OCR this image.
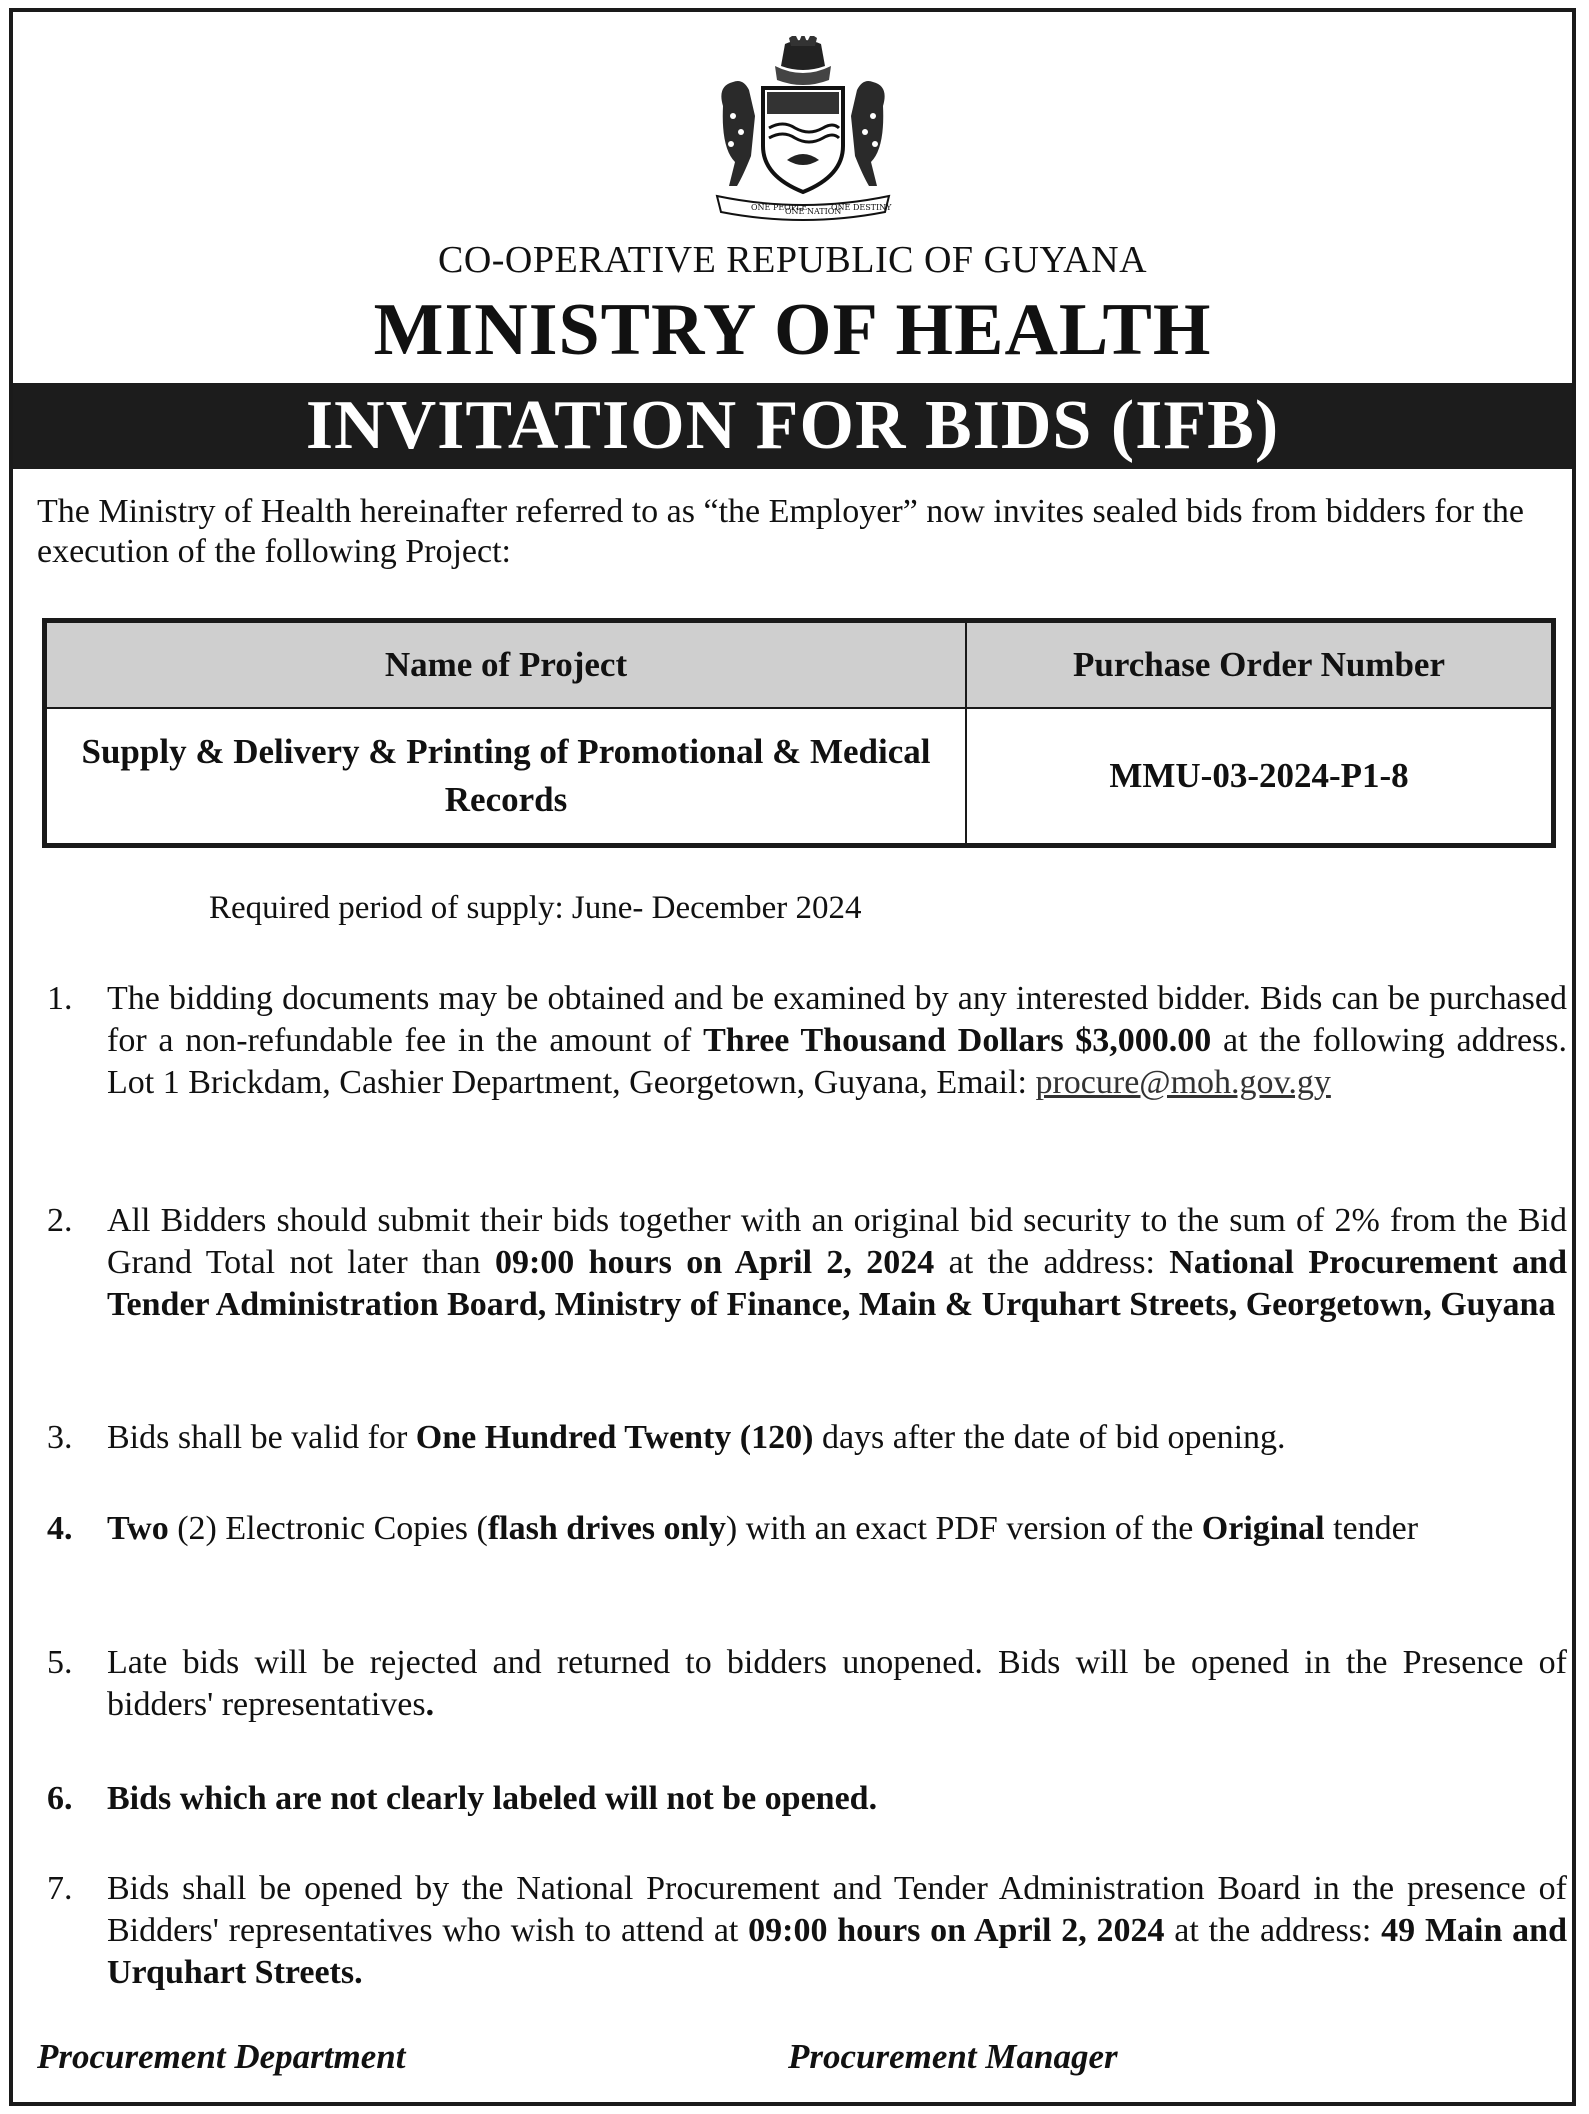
ONE PEOPLE
ONE NATION
ONE DESTINY
CO-OPERATIVE REPUBLIC OF GUYANA
MINISTRY OF HEALTH
INVITATION FOR BIDS (IFB)
The Ministry of Health hereinafter referred to as “the Employer” now invites sealed bids from bidders for the execution of the following Project:
Name of Project	Purchase Order Number
Supply & Delivery & Printing of Promotional & Medical Records	MMU-03-2024-P1-8
Required period of supply: June- December 2024
1. The bidding documents may be obtained and be examined by any interested bidder. Bids can be purchased for a non-refundable fee in the amount of Three Thousand Dollars $3,000.00 at the following address. Lot 1 Brickdam, Cashier Department, Georgetown, Guyana, Email: procure@moh.gov.gy
2. All Bidders should submit their bids together with an original bid security to the sum of 2% from the Bid Grand Total not later than 09:00 hours on April 2, 2024 at the address: National Procurement and Tender Administration Board, Ministry of Finance, Main & Urquhart Streets, Georgetown, Guyana
3. Bids shall be valid for One Hundred Twenty (120) days after the date of bid opening.
4. Two (2) Electronic Copies (flash drives only) with an exact PDF version of the Original tender
5. Late bids will be rejected and returned to bidders unopened. Bids will be opened in the Presence of bidders' representatives.
6. Bids which are not clearly labeled will not be opened.
7. Bids shall be opened by the National Procurement and Tender Administration Board in the presence of Bidders' representatives who wish to attend at 09:00 hours on April 2, 2024 at the address: 49 Main and Urquhart Streets.
Procurement Department	Procurement Manager
